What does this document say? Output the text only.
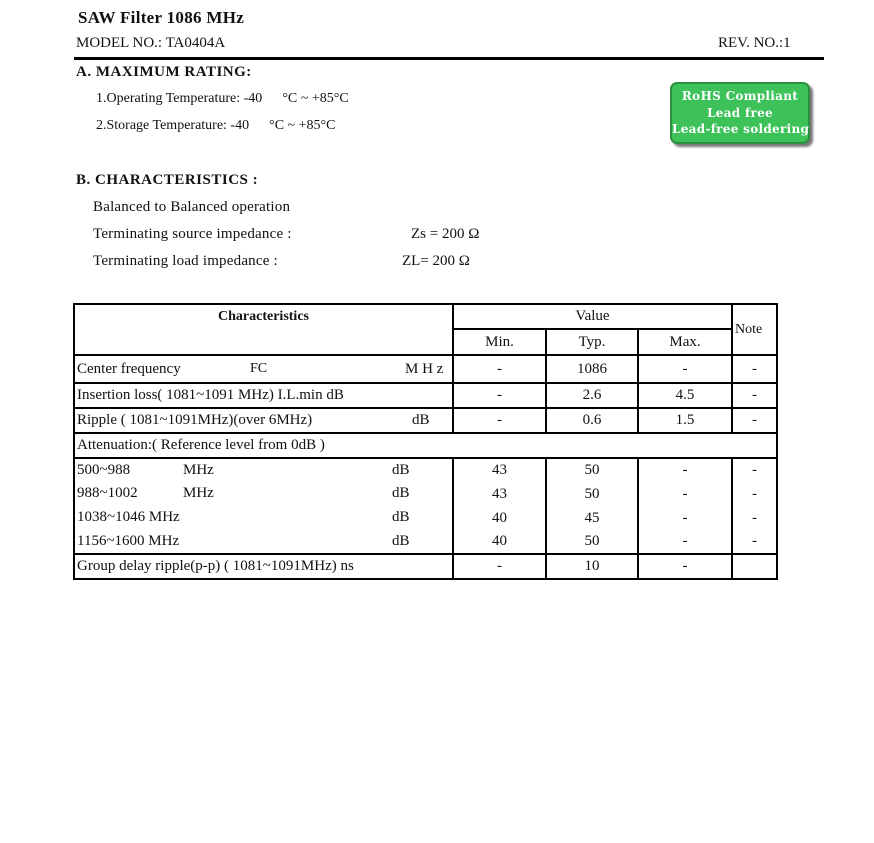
SAW Filter 1086 MHz
MODEL NO.: TA0404A	REV. NO.:1
A. MAXIMUM RATING:
1.Operating Temperature: -40 °C ~ +85°C
2.Storage Temperature: -40 °C ~ +85°C
RoHS Compliant
Lead free
Lead-free soldering
B. CHARACTERISTICS :
Balanced to Balanced operation
Terminating source impedance :	Zs = 200 Ω
Terminating load impedance :	ZL= 200 Ω
Characteristics	Value			Note
	Min.	Typ.	Max.	

Center frequency FC M H z	-	1086	-	-
Insertion loss( 1081~1091 MHz) I.L.min dB	-	2.6	4.5	-

Ripple ( 1081~1091MHz)(over 6MHz) dB	-	0.6	1.5	-
Attenuation:( Reference level from 0dB )				

500~988 MHz dB	43	50	-	-

988~1002 MHz dB	43	50	-	-

1038~1046 MHz dB	40	45	-	-

1156~1600 MHz dB	40	50	-	-
Group delay ripple(p-p) ( 1081~1091MHz) ns	-	10	-	
